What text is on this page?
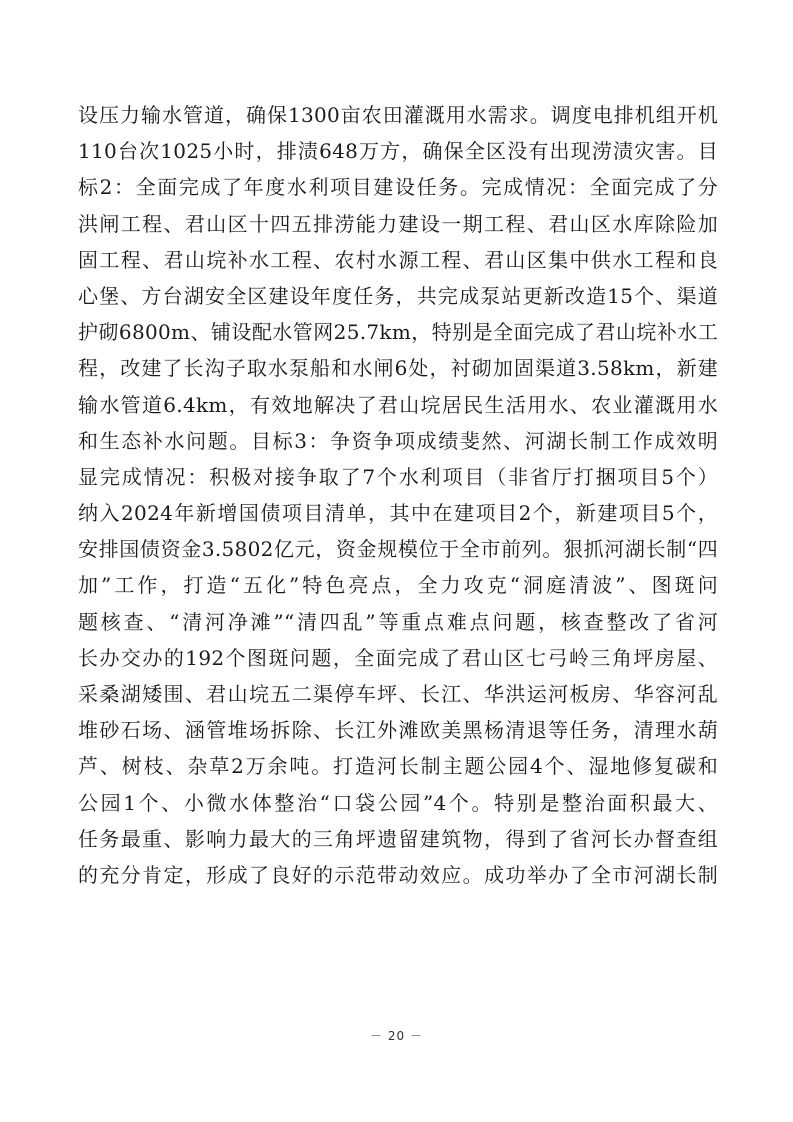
设压力输水管道，确保1300亩农田灌溉用水需求。调度电排机组开机
110台次1025小时，排渍648万方，确保全区没有出现涝渍灾害。目
标2：全面完成了年度水利项目建设任务。完成情况：全面完成了分
洪闸工程、君山区十四五排涝能力建设一期工程、君山区水库除险加
固工程、君山垸补水工程、农村水源工程、君山区集中供水工程和良
心堡、方台湖安全区建设年度任务，共完成泵站更新改造15个、渠道
护砌6800m、铺设配水管网25.7km，特别是全面完成了君山垸补水工
程，改建了长沟子取水泵船和水闸6处，衬砌加固渠道3.58km，新建
输水管道6.4km，有效地解决了君山垸居民生活用水、农业灌溉用水
和生态补水问题。目标3：争资争项成绩斐然、河湖长制工作成效明
显完成情况：积极对接争取了7个水利项目（非省厅打捆项目5个）
纳入2024年新增国债项目清单，其中在建项目2个，新建项目5个，
安排国债资金3.5802亿元，资金规模位于全市前列。狠抓河湖长制“四
加”工作，打造“五化”特色亮点，全力攻克“洞庭清波”、图斑问
题核查、“清河净滩”“清四乱”等重点难点问题，核查整改了省河
长办交办的192个图斑问题，全面完成了君山区七弓岭三角坪房屋、
采桑湖矮围、君山垸五二渠停车坪、长江、华洪运河板房、华容河乱
堆砂石场、涵管堆场拆除、长江外滩欧美黑杨清退等任务，清理水葫
芦、树枝、杂草2万余吨。打造河长制主题公园4个、湿地修复碳和
公园1个、小微水体整治“口袋公园”4个。特别是整治面积最大、
任务最重、影响力最大的三角坪遗留建筑物，得到了省河长办督查组
的充分肯定，形成了良好的示范带动效应。成功举办了全市河湖长制
－ 20 －
